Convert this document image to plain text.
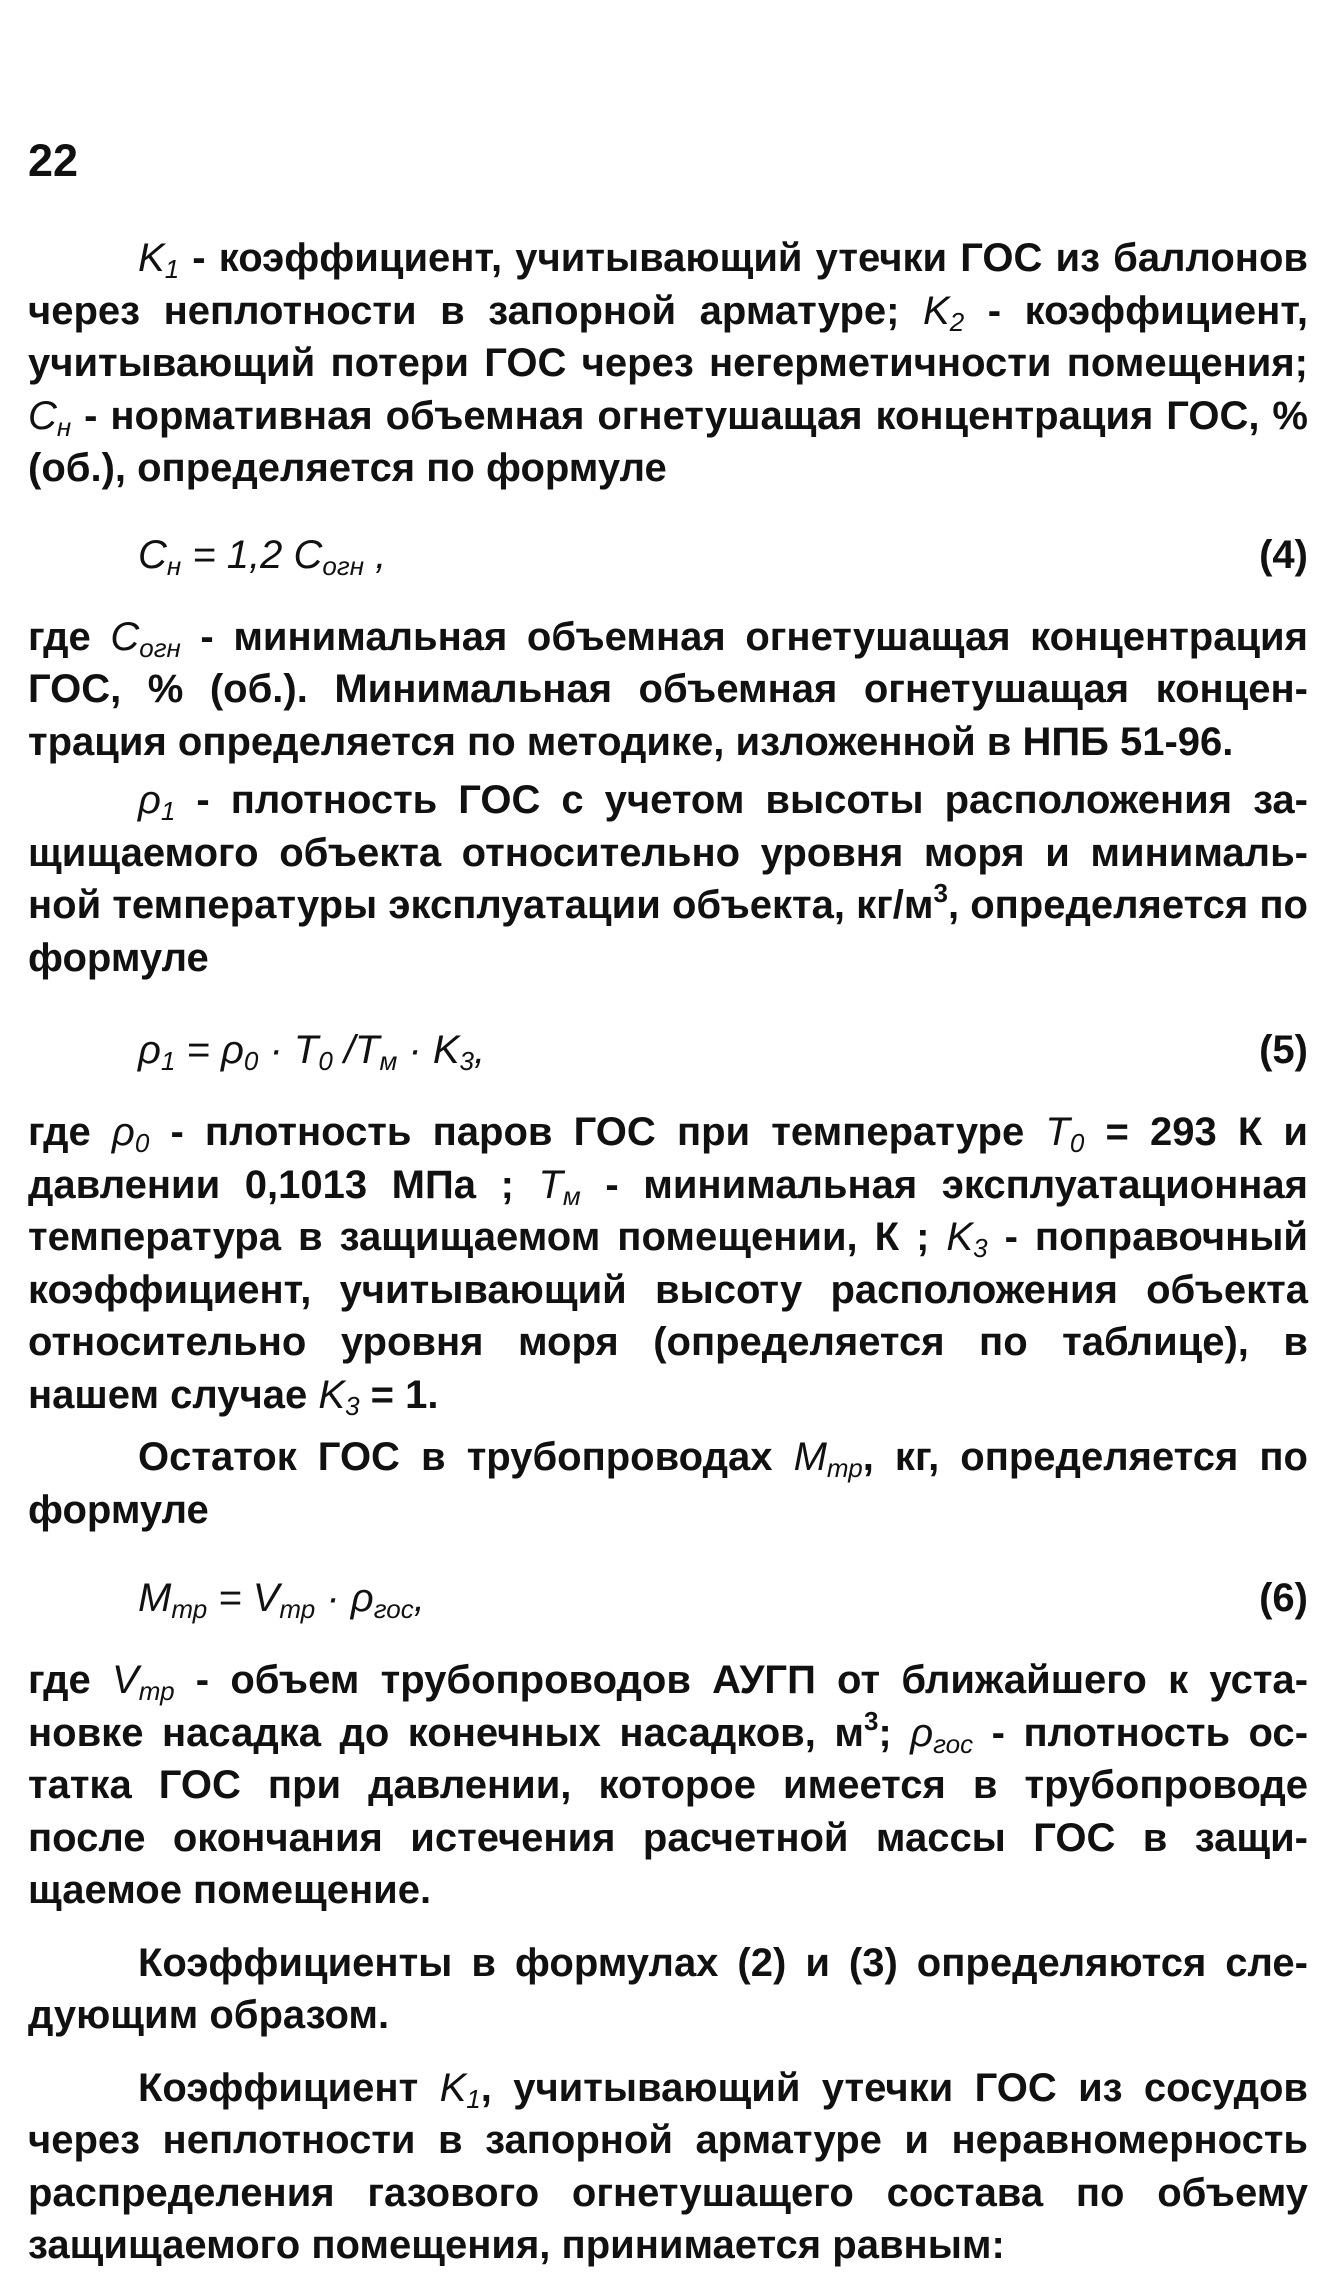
22

$K_1$ - коэффициент, учитывающий утечки ГОС из баллонов через неплотности в запорной арматуре; $K_2$ - коэффициент, учитывающий потери ГОС через негерметичности помещения; $C_н$ - нормативная объемная огнетушащая концентрация ГОС, % (об.), определяется по формуле

$C_н = 1,2$ $C_{огн}$ ,	(4)

где $C_{огн}$ - минимальная объемная огнетушащая концентрация ГОС, % (об.). Минимальная объемная огнетушащая концентрация определяется по методике, изложенной в НПБ 51-96.

$\rho_1$ - плотность ГОС с учетом высоты расположения защищаемого объекта относительно уровня моря и минимальной температуры эксплуатации объекта, $кг/м^3$, определяется по формуле

$\rho_1 = \rho_0 \cdot T_0$ $/T_м \cdot K_3$,	(5)

где $\rho_0$ - плотность паров ГОС при температуре $T_0 = 293$ К и давлении 0,1013 МПа ; $T_м$ - минимальная эксплуатационная температура в защищаемом помещении, К ; $K_3$ - поправочный коэффициент, учитывающий высоту расположения объекта относительно уровня моря (определяется по таблице), в нашем случае $K_3 = 1$.

Остаток ГОС в трубопроводах $M_{тр}$, кг, определяется по формуле

$M_{тр} = V_{тр} \cdot \rho_{гос}$,	(6)

где $V_{тр}$ - объем трубопроводов АУГП от ближайшего к установке насадка до конечных насадков, $м^3$; $\rho_{гос}$ - плотность остатка ГОС при давлении, которое имеется в трубопроводе после окончания истечения расчетной массы ГОС в защищаемое помещение.

Коэффициенты в формулах (2) и (3) определяются следующим образом.

Коэффициент $K_1$, учитывающий утечки ГОС из сосудов через неплотности в запорной арматуре и неравномерность распределения газового огнетушащего состава по объему защищаемого помещения, принимается равным:
